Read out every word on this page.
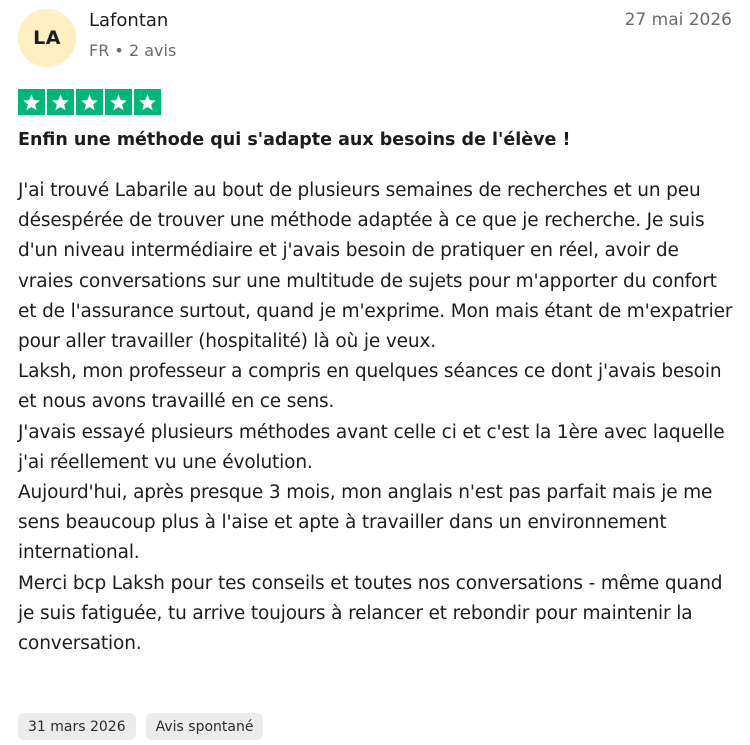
LA
Lafontan
FR • 2 avis
27 mai 2026
Enfin une méthode qui s'adapte aux besoins de l'élève !

J'ai trouvé Labarile au bout de plusieurs semaines de recherches et un peu désespérée de trouver une méthode adaptée à ce que je recherche. Je suis d'un niveau intermédiaire et j'avais besoin de pratiquer en réel, avoir de vraies conversations sur une multitude de sujets pour m'apporter du confort et de l'assurance surtout, quand je m'exprime. Mon mais étant de m'expatrier pour aller travailler (hospitalité) là où je veux.

Laksh, mon professeur a compris en quelques séances ce dont j'avais besoin et nous avons travaillé en ce sens.

J'avais essayé plusieurs méthodes avant celle ci et c'est la 1ère avec laquelle j'ai réellement vu une évolution.

Aujourd'hui, après presque 3 mois, mon anglais n'est pas parfait mais je me sens beaucoup plus à l'aise et apte à travailler dans un environnement international.

Merci bcp Laksh pour tes conseils et toutes nos conversations - même quand je suis fatiguée, tu arrive toujours à relancer et rebondir pour maintenir la conversation.

31 mars 2026	Avis spontané
